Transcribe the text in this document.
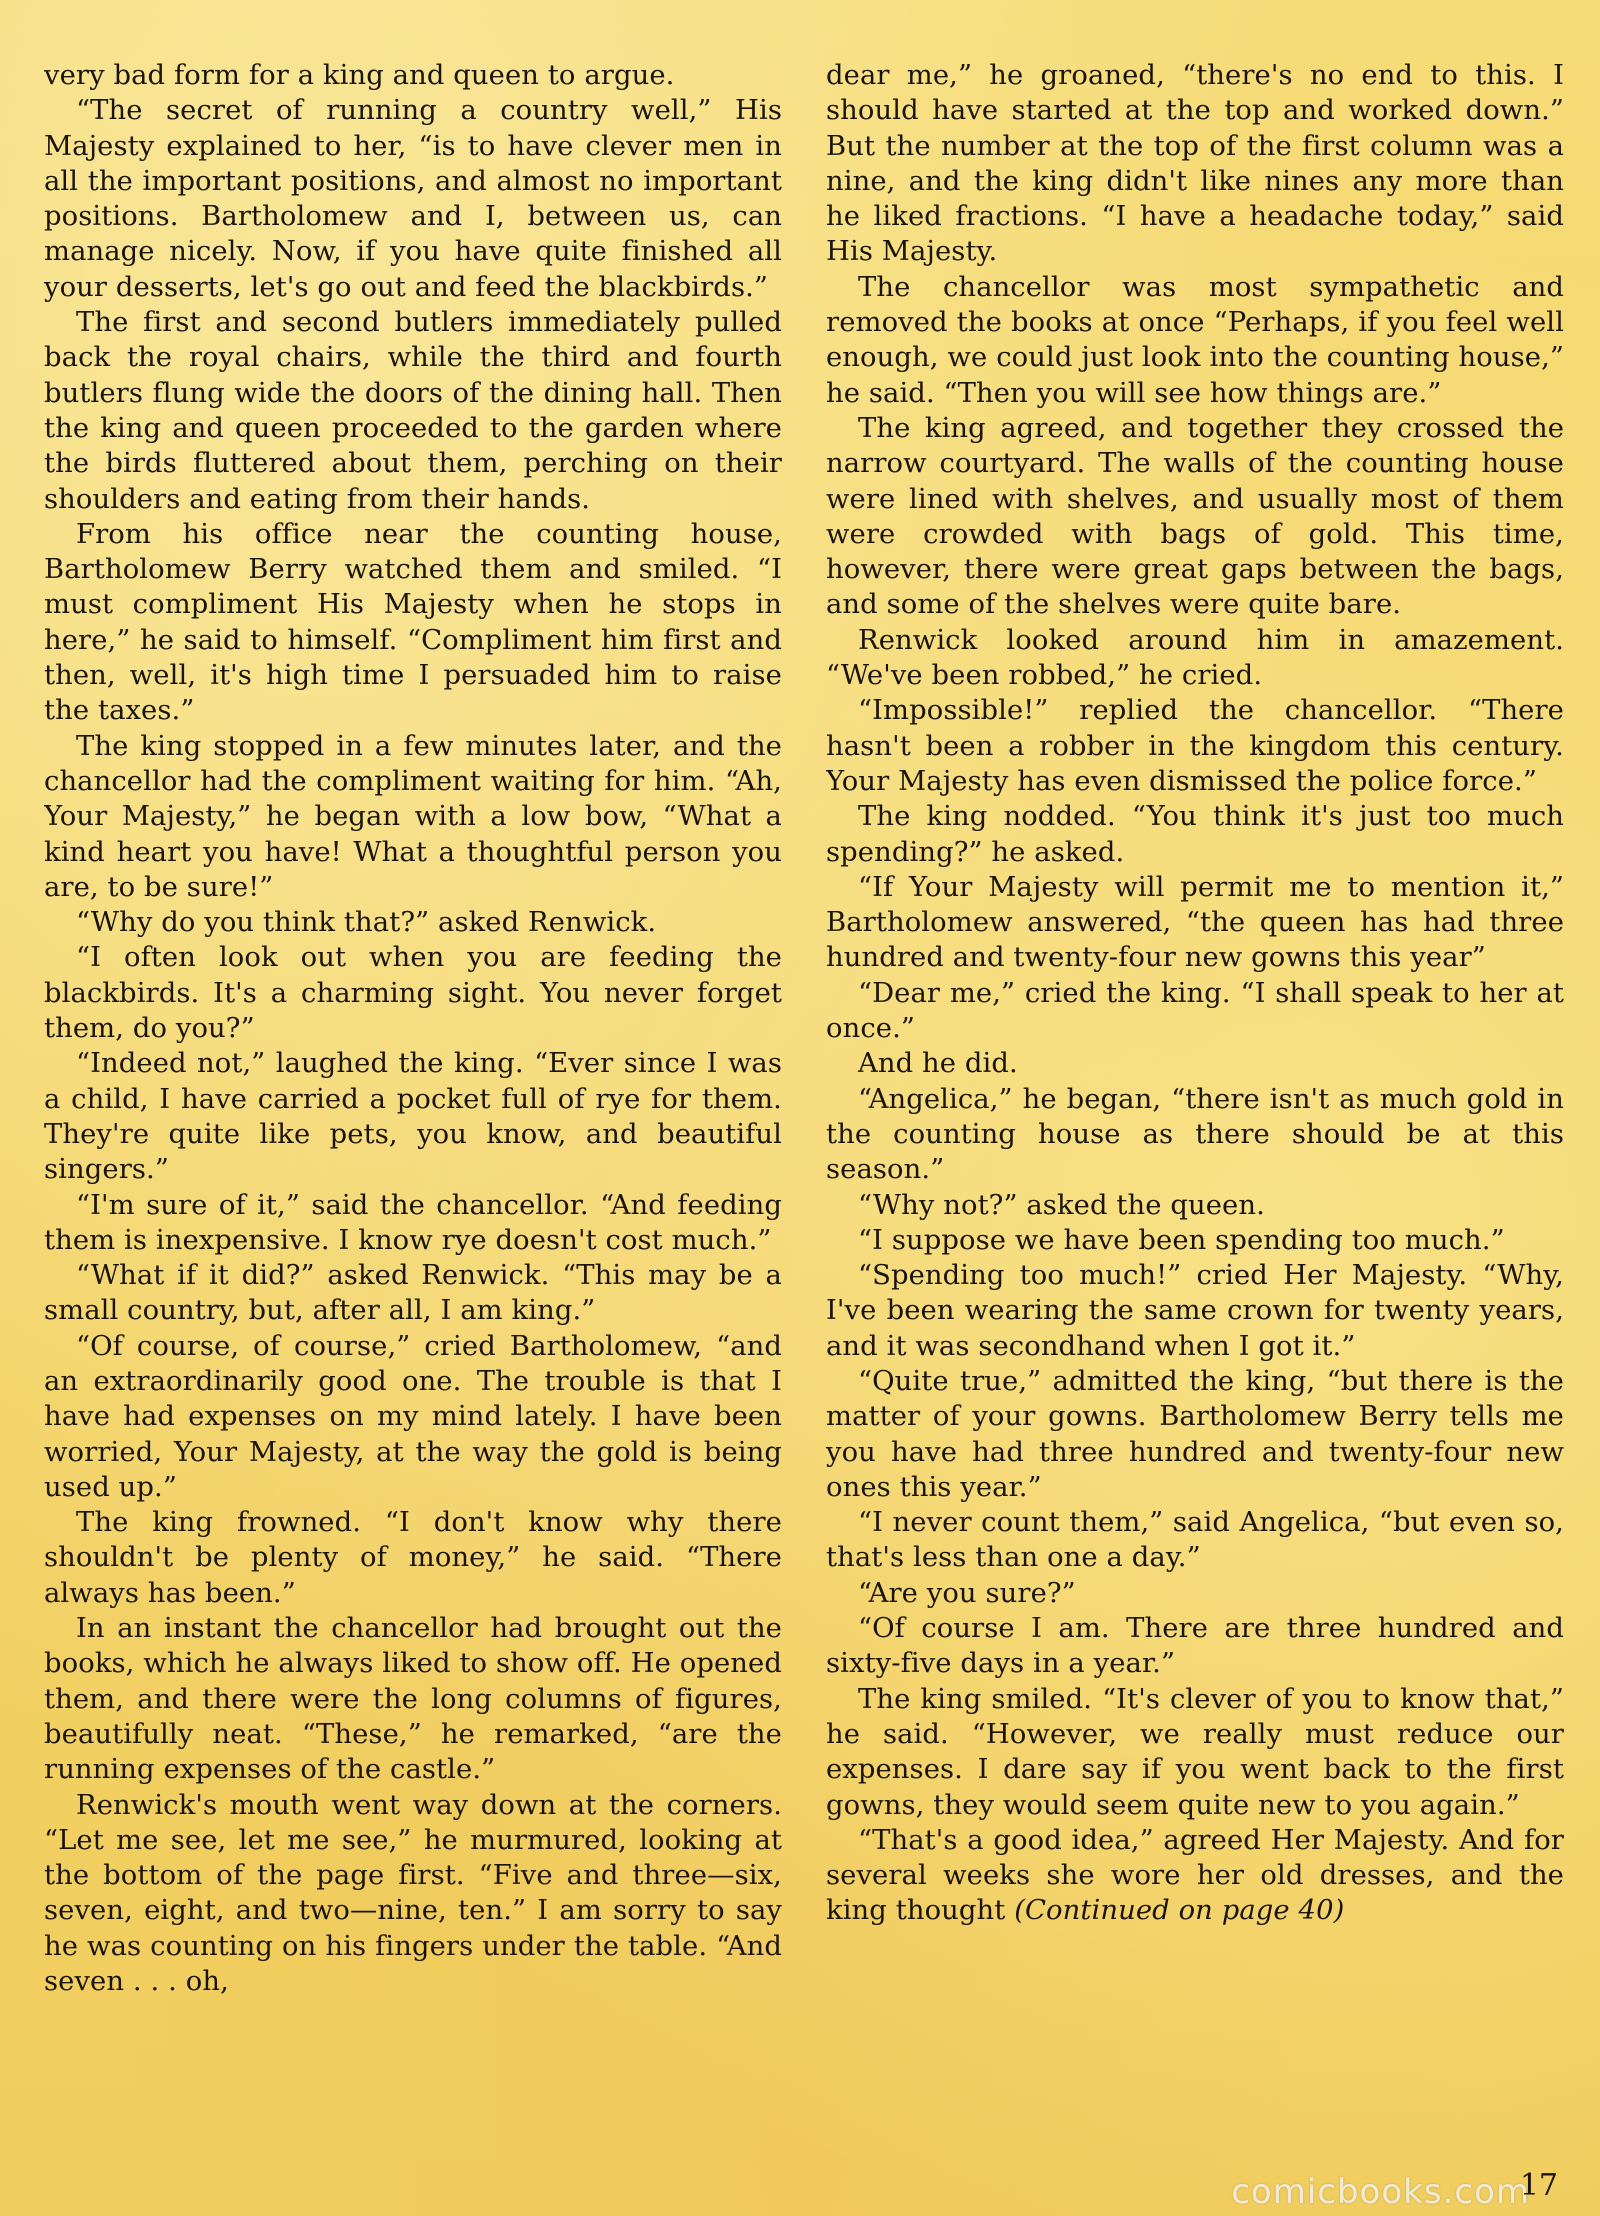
very bad form for a king and queen to argue.

“The secret of running a country well,” His Majesty explained to her, “is to have clever men in all the important positions, and almost no important positions. Bartholomew and I, between us, can manage nicely. Now, if you have quite finished all your desserts, let's go out and feed the blackbirds.”

The first and second butlers immediately pulled back the royal chairs, while the third and fourth butlers flung wide the doors of the dining hall. Then the king and queen proceeded to the garden where the birds fluttered about them, perching on their shoulders and eating from their hands.

From his office near the counting house, Bartholomew Berry watched them and smiled. “I must compliment His Majesty when he stops in here,” he said to himself. “Compliment him first and then, well, it's high time I persuaded him to raise the taxes.”

The king stopped in a few minutes later, and the chancellor had the compliment waiting for him. “Ah, Your Majesty,” he began with a low bow, “What a kind heart you have! What a thoughtful person you are, to be sure!”

“Why do you think that?” asked Renwick.

“I often look out when you are feeding the blackbirds. It's a charming sight. You never forget them, do you?”

“Indeed not,” laughed the king. “Ever since I was a child, I have carried a pocket full of rye for them. They're quite like pets, you know, and beautiful singers.”

“I'm sure of it,” said the chancellor. “And feeding them is inexpensive. I know rye doesn't cost much.”

“What if it did?” asked Renwick. “This may be a small country, but, after all, I am king.”

“Of course, of course,” cried Bartholomew, “and an extraordinarily good one. The trouble is that I have had expenses on my mind lately. I have been worried, Your Majesty, at the way the gold is being used up.”

The king frowned. “I don't know why there shouldn't be plenty of money,” he said. “There always has been.”

In an instant the chancellor had brought out the books, which he always liked to show off. He opened them, and there were the long columns of figures, beautifully neat. “These,” he remarked, “are the running expenses of the castle.”

Renwick's mouth went way down at the corners. “Let me see, let me see,” he murmured, looking at the bottom of the page first. “Five and three—six, seven, eight, and two—nine, ten.” I am sorry to say he was counting on his fingers under the table. “And seven . . . oh,

dear me,” he groaned, “there's no end to this. I should have started at the top and worked down.” But the number at the top of the first column was a nine, and the king didn't like nines any more than he liked fractions. “I have a headache today,” said His Majesty.

The chancellor was most sympathetic and removed the books at once “Perhaps, if you feel well enough, we could just look into the counting house,” he said. “Then you will see how things are.”

The king agreed, and together they crossed the narrow courtyard. The walls of the counting house were lined with shelves, and usually most of them were crowded with bags of gold. This time, however, there were great gaps between the bags, and some of the shelves were quite bare.

Renwick looked around him in amazement. “We've been robbed,” he cried.

“Impossible!” replied the chancellor. “There hasn't been a robber in the kingdom this century. Your Majesty has even dismissed the police force.”

The king nodded. “You think it's just too much spending?” he asked.

“If Your Majesty will permit me to mention it,” Bartholomew answered, “the queen has had three hundred and twenty-four new gowns this year”

“Dear me,” cried the king. “I shall speak to her at once.”

And he did.

“Angelica,” he began, “there isn't as much gold in the counting house as there should be at this season.”

“Why not?” asked the queen.

“I suppose we have been spending too much.”

“Spending too much!” cried Her Majesty. “Why, I've been wearing the same crown for twenty years, and it was secondhand when I got it.”

“Quite true,” admitted the king, “but there is the matter of your gowns. Bartholomew Berry tells me you have had three hundred and twenty-four new ones this year.”

“I never count them,” said Angelica, “but even so, that's less than one a day.”

“Are you sure?”

“Of course I am. There are three hundred and sixty-five days in a year.”

The king smiled. “It's clever of you to know that,” he said. “However, we really must reduce our expenses. I dare say if you went back to the first gowns, they would seem quite new to you again.”

“That's a good idea,” agreed Her Majesty. And for several weeks she wore her old dresses, and the king thought (Continued on page 40)

comicbooks.com
17
